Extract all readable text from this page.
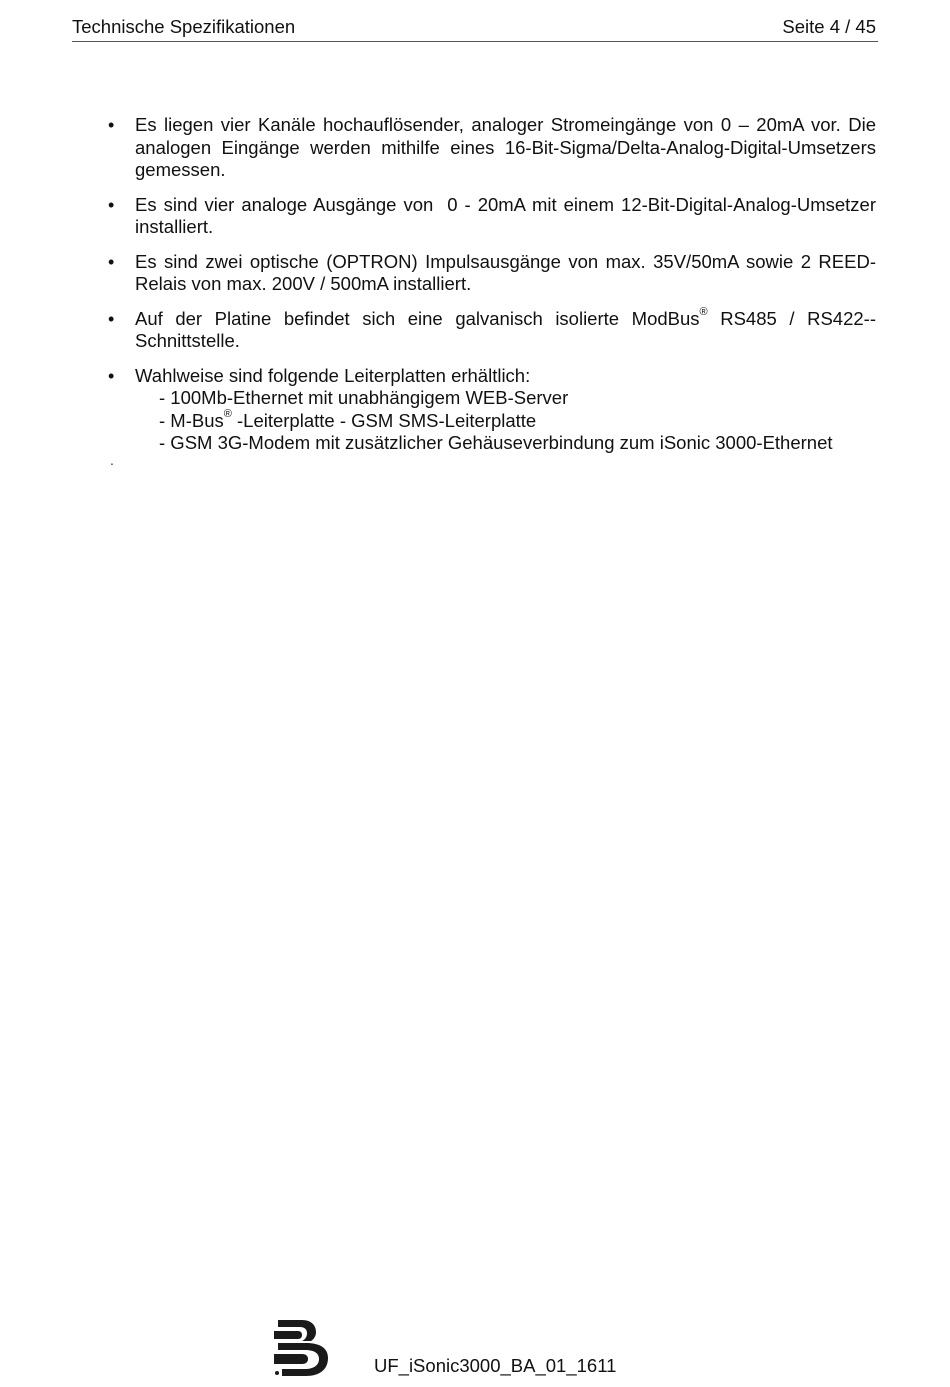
Technische Spezifikationen	Seite 4 / 45
• Es liegen vier Kanäle hochauflösender, analoger Stromeingänge von 0 – 20mA vor. Die analogen Eingänge werden mithilfe eines 16-Bit-Sigma/Delta-Analog-Digital-Umsetzers gemessen.
• Es sind vier analoge Ausgänge von  0 - 20mA mit einem 12-Bit-Digital-Analog-Umsetzer installiert.
• Es sind zwei optische (OPTRON) Impulsausgänge von max. 35V/50mA sowie 2 REED-Relais von max. 200V / 500mA installiert.
• Auf der Platine befindet sich eine galvanisch isolierte ModBus® RS485 / RS422--Schnittstelle.
• Wahlweise sind folgende Leiterplatten erhältlich:
- 100Mb-Ethernet mit unabhängigem WEB-Server
- M-Bus® -Leiterplatte - GSM SMS-Leiterplatte
- GSM 3G-Modem mit zusätzlicher Gehäuseverbindung zum iSonic 3000-Ethernet
.
UF_iSonic3000_BA_01_1611
